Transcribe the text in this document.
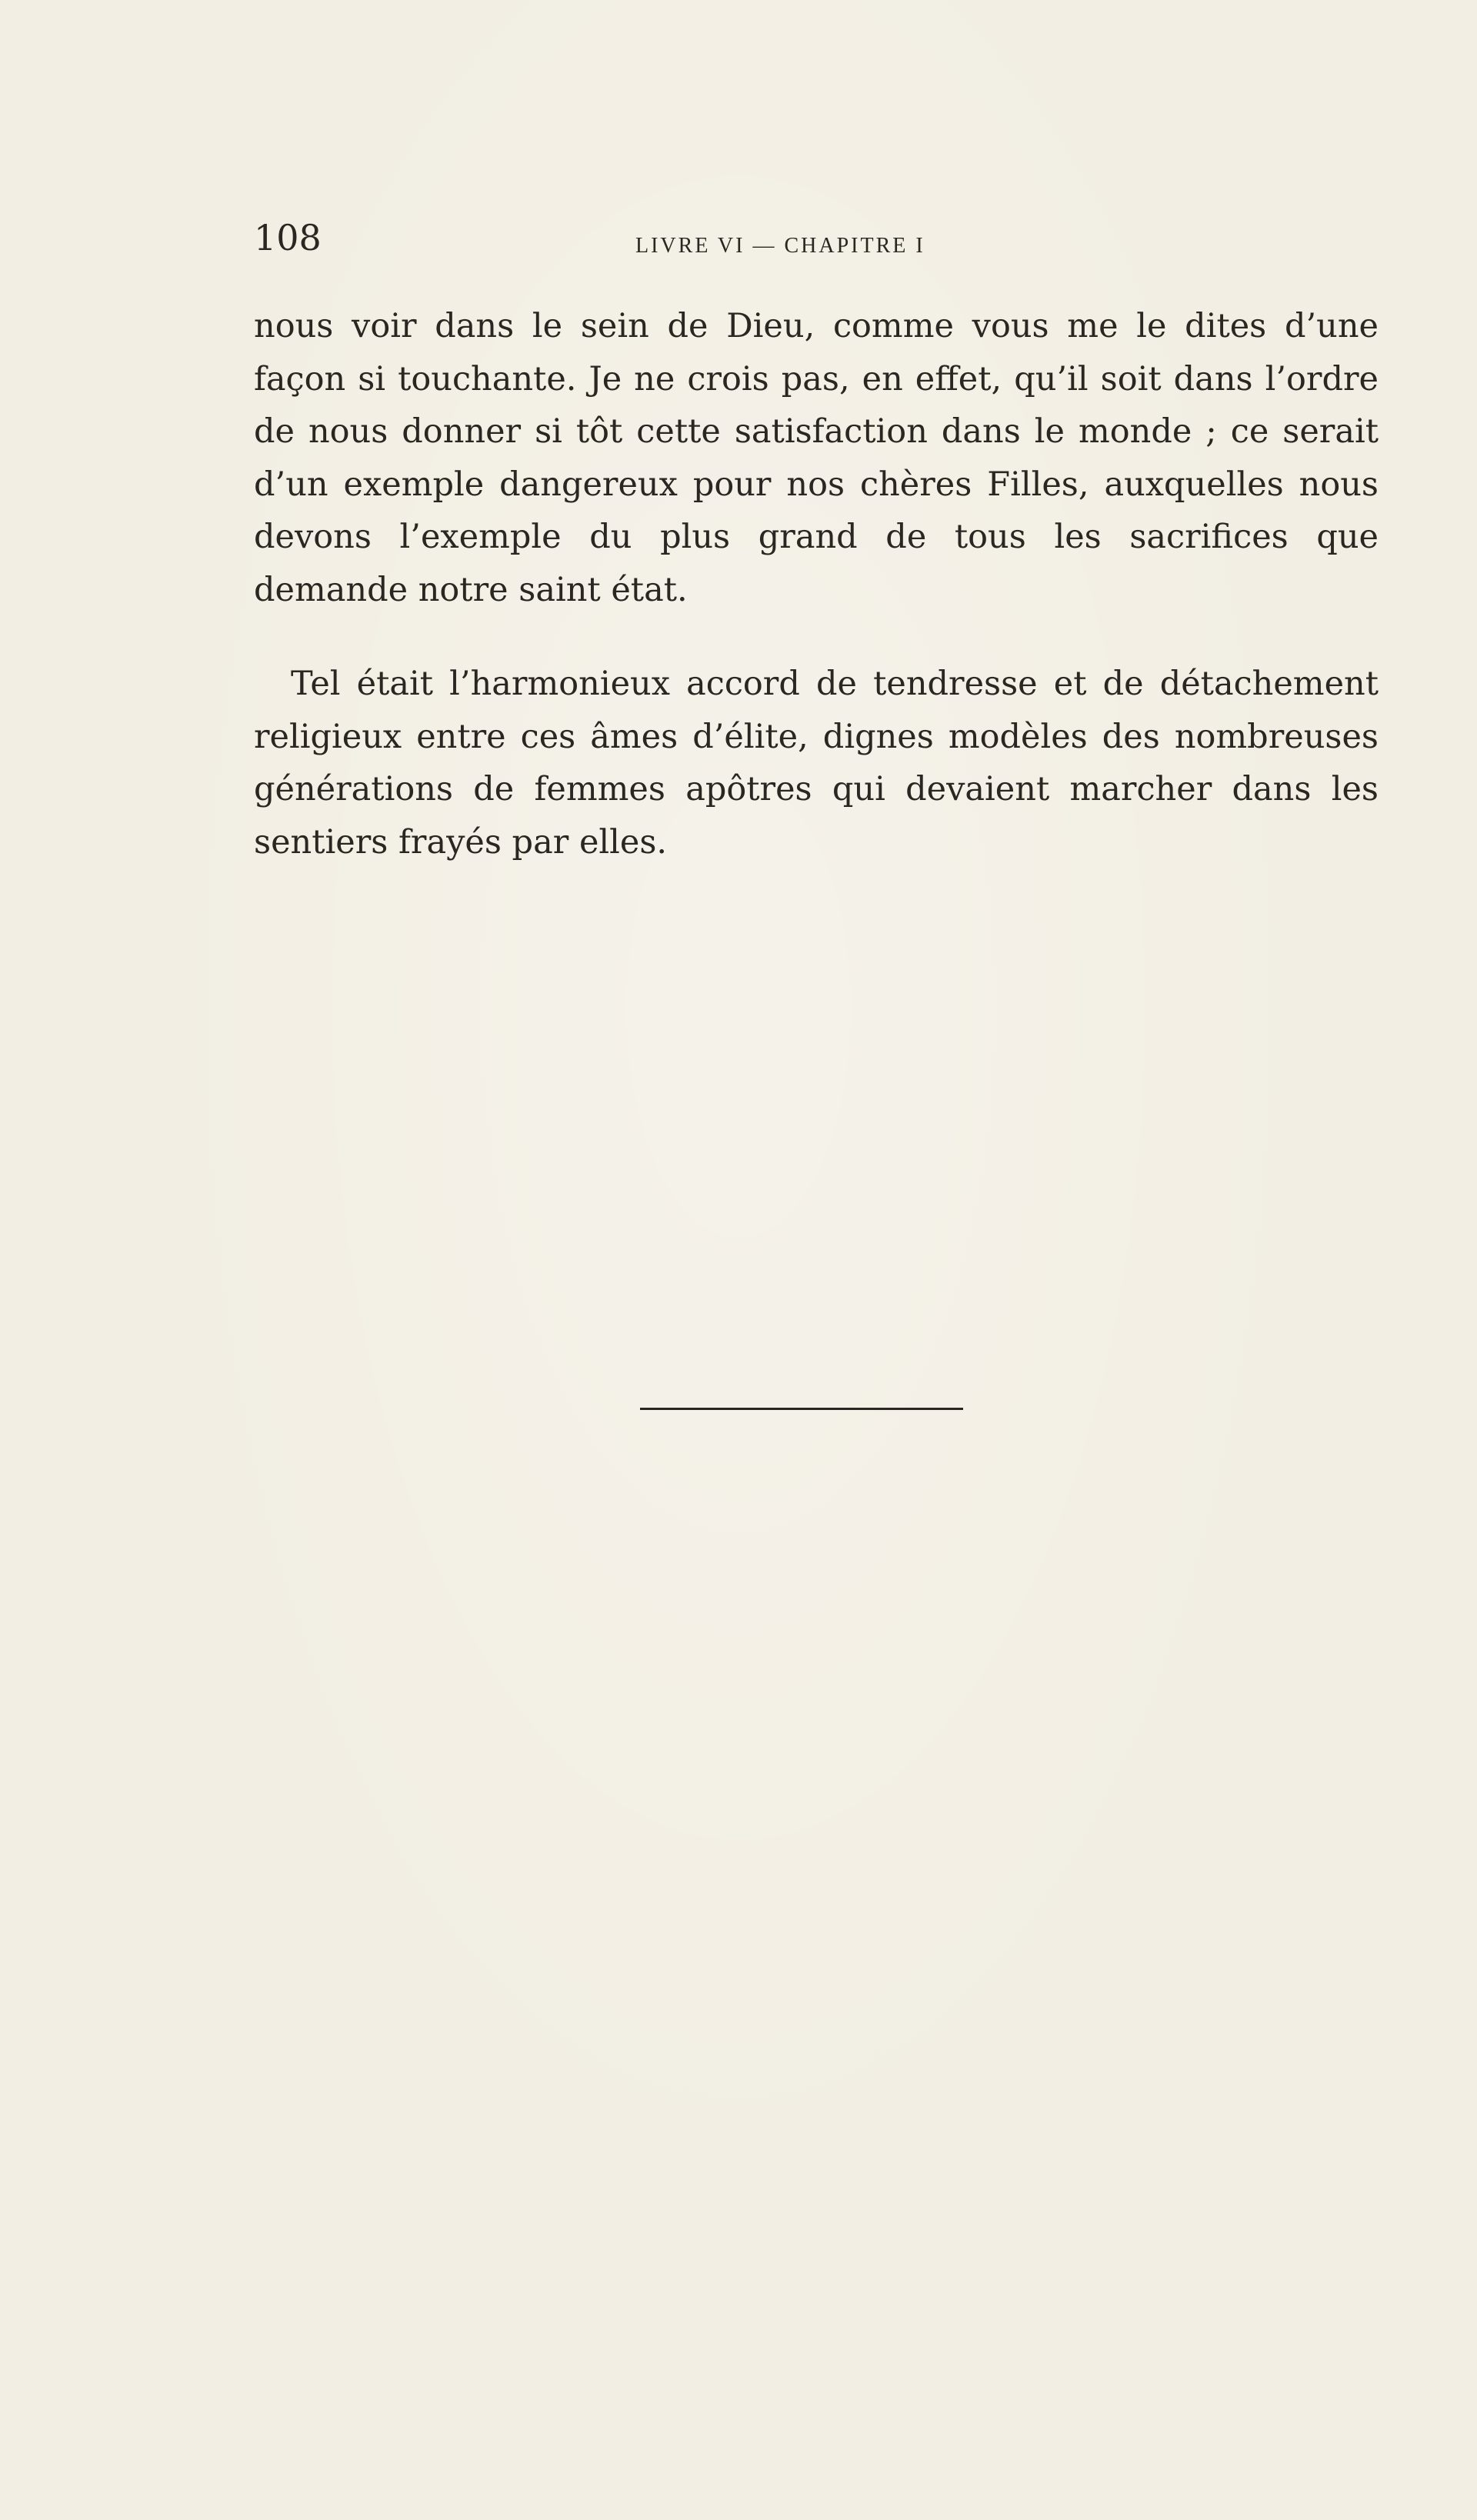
108	LIVRE VI — CHAPITRE I

nous voir dans le sein de Dieu, comme vous me le dites d’une façon si touchante. Je ne crois pas, en effet, qu’il soit dans l’ordre de nous donner si tôt cette satisfaction dans le monde ; ce serait d’un exemple dangereux pour nos chères Filles, auxquelles nous devons l’exemple du plus grand de tous les sacrifices que demande notre saint état.

Tel était l’harmonieux accord de tendresse et de détachement religieux entre ces âmes d’élite, dignes modèles des nombreuses générations de femmes apôtres qui devaient marcher dans les sentiers frayés par elles.
